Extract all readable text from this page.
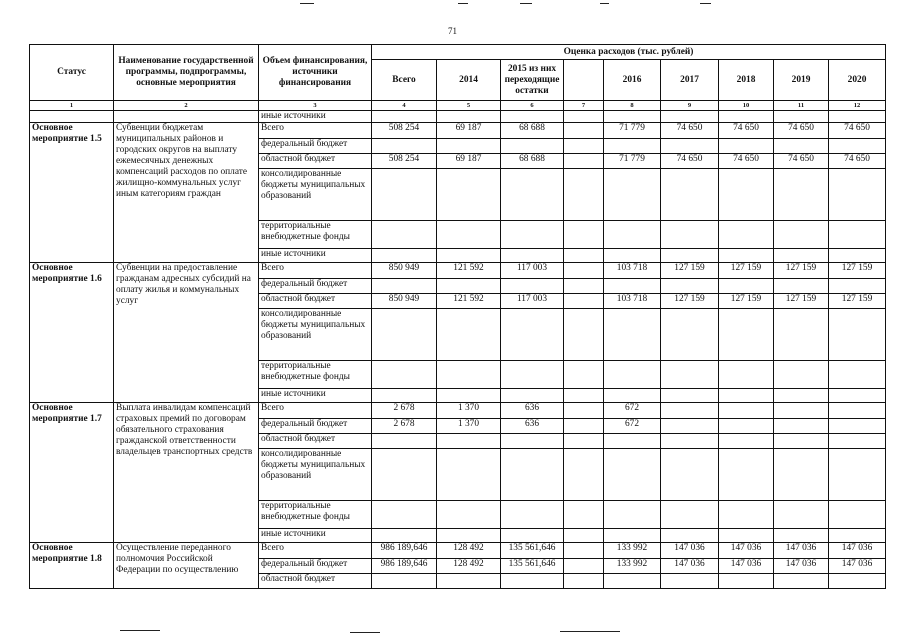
71
Статус	Наименование государственной программы, подпрограммы, основные мероприятия	Объем финансирования, источники финансирования	Оценка расходов (тыс. рублей)								
			Всего	2014	2015 из них переходящие остатки		2016	2017	2018	2019	2020
1	2	3	4	5	6	7	8	9	10	11	12
		иные источники									
Основное мероприятие 1.5	Субвенции бюджетам муниципальных районов и городских округов на выплату ежемесячных денежных компенсаций расходов по оплате жилищно-коммунальных услуг иным категориям граждан	Всего	508 254	69 187	68 688		71 779	74 650	74 650	74 650	74 650
		федеральный бюджет									
		областной бюджет	508 254	69 187	68 688		71 779	74 650	74 650	74 650	74 650
		консолидированные бюджеты муниципальных образований									
		территориальные внебюджетные фонды									
		иные источники									
Основное мероприятие 1.6	Субвенции на предоставление гражданам адресных субсидий на оплату жилья и коммунальных услуг	Всего	850 949	121 592	117 003		103 718	127 159	127 159	127 159	127 159
		федеральный бюджет									
		областной бюджет	850 949	121 592	117 003		103 718	127 159	127 159	127 159	127 159
		консолидированные бюджеты муниципальных образований									
		территориальные внебюджетные фонды									
		иные источники									
Основное мероприятие 1.7	Выплата инвалидам компенсаций страховых премий по договорам обязательного страхования гражданской ответственности владельцев транспортных средств	Всего	2 678	1 370	636		672				
		федеральный бюджет	2 678	1 370	636		672				
		областной бюджет									
		консолидированные бюджеты муниципальных образований									
		территориальные внебюджетные фонды									
		иные источники									
Основное мероприятие 1.8	Осуществление переданного полномочия Российской Федерации по осуществлению	Всего	986 189,646	128 492	135 561,646		133 992	147 036	147 036	147 036	147 036
		федеральный бюджет	986 189,646	128 492	135 561,646		133 992	147 036	147 036	147 036	147 036
		областной бюджет									
